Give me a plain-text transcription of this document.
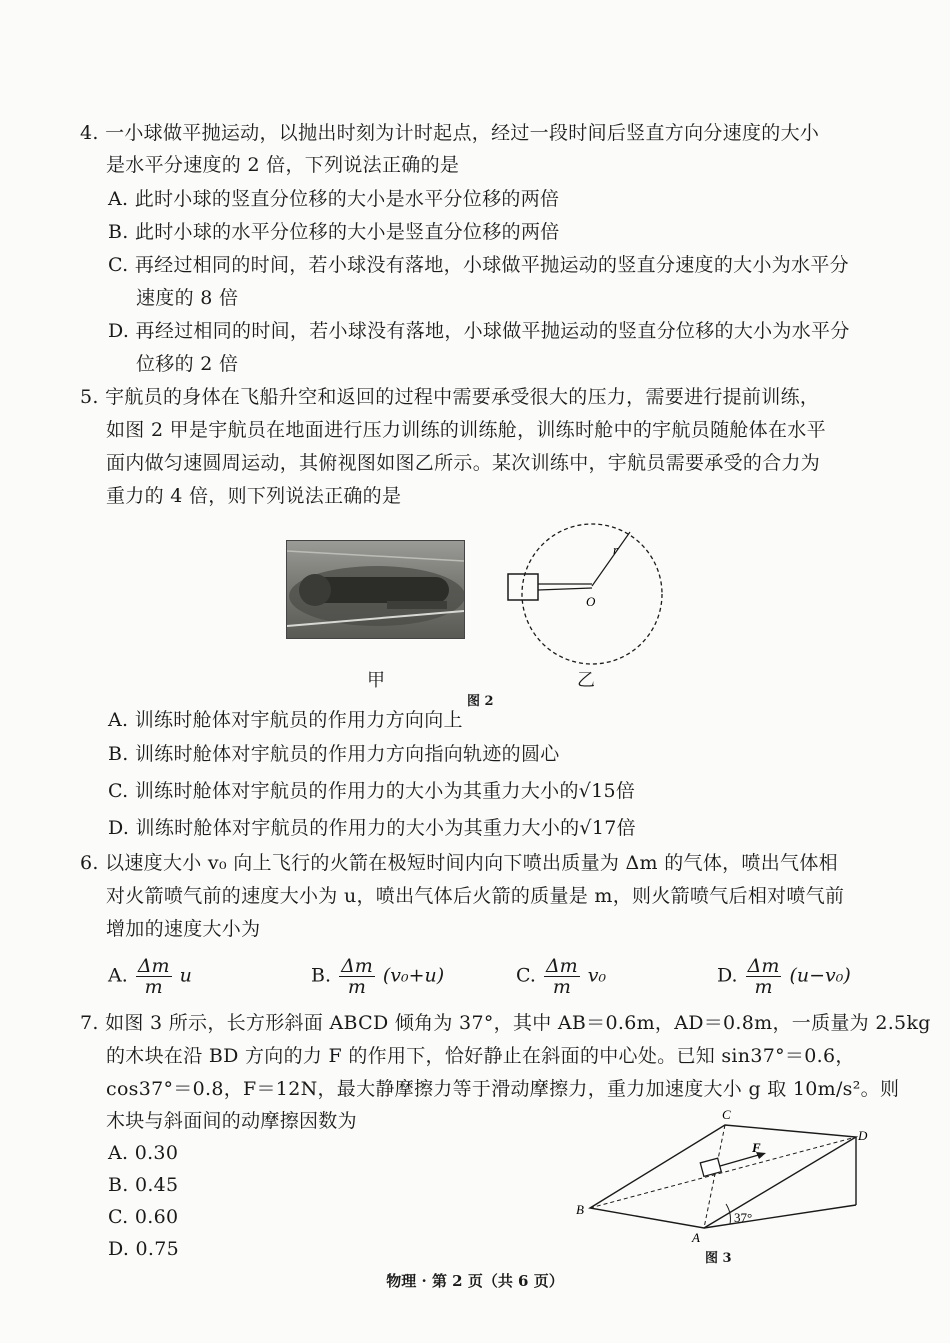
4. 一小球做平抛运动，以抛出时刻为计时起点，经过一段时间后竖直方向分速度的大小
是水平分速度的 2 倍，下列说法正确的是
A. 此时小球的竖直分位移的大小是水平分位移的两倍
B. 此时小球的水平分位移的大小是竖直分位移的两倍
C. 再经过相同的时间，若小球没有落地，小球做平抛运动的竖直分速度的大小为水平分
速度的 8 倍
D. 再经过相同的时间，若小球没有落地，小球做平抛运动的竖直分位移的大小为水平分
位移的 2 倍
5. 宇航员的身体在飞船升空和返回的过程中需要承受很大的压力，需要进行提前训练，
如图 2 甲是宇航员在地面进行压力训练的训练舱，训练时舱中的宇航员随舱体在水平
面内做匀速圆周运动，其俯视图如图乙所示。某次训练中，宇航员需要承受的合力为
重力的 4 倍，则下列说法正确的是
r
O
甲	乙
图 2
A. 训练时舱体对宇航员的作用力方向向上
B. 训练时舱体对宇航员的作用力方向指向轨迹的圆心
C. 训练时舱体对宇航员的作用力的大小为其重力大小的√15倍
D. 训练时舱体对宇航员的作用力的大小为其重力大小的√17倍
6. 以速度大小 v₀ 向上飞行的火箭在极短时间内向下喷出质量为 Δm 的气体，喷出气体相
对火箭喷气前的速度大小为 u，喷出气体后火箭的质量是 m，则火箭喷气后相对喷气前
增加的速度大小为
A. $\frac{\Delta m}{m}$ u	B. $\frac{\Delta m}{m} (v_0+u)$	C. $\frac{\Delta m}{m} v_0$	D. $\frac{\Delta m}{m} (u-v_0)$
7. 如图 3 所示，长方形斜面 ABCD 倾角为 37°，其中 AB＝0.6m，AD＝0.8m，一质量为 2.5kg
的木块在沿 BD 方向的力 F 的作用下，恰好静止在斜面的中心处。已知 sin37°＝0.6，
cos37°＝0.8，F＝12N，最大静摩擦力等于滑动摩擦力，重力加速度大小 g 取 10m/s²。则
木块与斜面间的动摩擦因数为
A. 0.30
B. 0.45
C. 0.60
D. 0.75
F
37°
C
D
B
A
图 3
物理 · 第 2 页（共 6 页）
